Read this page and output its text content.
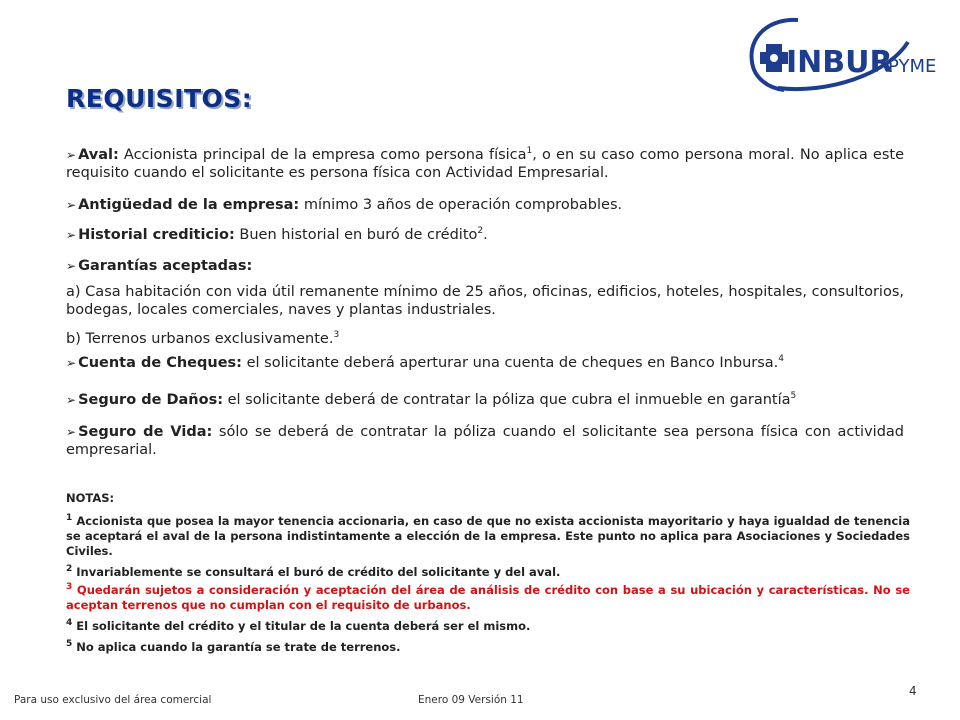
INBUR
PYME
REQUISITOS:
➢ Aval: Accionista principal de la empresa como persona física$^1$, o en su caso como persona moral. No aplica este requisito cuando el solicitante es persona física con Actividad Empresarial.
➢ Antigüedad de la empresa: mínimo 3 años de operación comprobables.
➢ Historial crediticio: Buen historial en buró de crédito$^2$.
➢ Garantías aceptadas:
a) Casa habitación con vida útil remanente mínimo de 25 años, oficinas, edificios, hoteles, hospitales, consultorios, bodegas, locales comerciales, naves y plantas industriales.
b) Terrenos urbanos exclusivamente.$^3$
➢ Cuenta de Cheques: el solicitante deberá aperturar una cuenta de cheques en Banco Inbursa.$^4$
➢ Seguro de Daños: el solicitante deberá de contratar la póliza que cubra el inmueble en garantía$^5$
➢ Seguro de Vida: sólo se deberá de contratar la póliza cuando el solicitante sea persona física con actividad empresarial.
NOTAS:
$^1$ Accionista que posea la mayor tenencia accionaria, en caso de que no exista accionista mayoritario y haya igualdad de tenencia se aceptará el aval de la persona indistintamente a elección de la empresa. Este punto no aplica para Asociaciones y Sociedades Civiles.
$^2$ Invariablemente se consultará el buró de crédito del solicitante y del aval.
$^3$ Quedarán sujetos a consideración y aceptación del área de análisis de crédito con base a su ubicación y características. No se aceptan terrenos que no cumplan con el requisito de urbanos.
$^4$ El solicitante del crédito y el titular de la cuenta deberá ser el mismo.
$^5$ No aplica cuando la garantía se trate de terrenos.
Para uso exclusivo del área comercial	Enero 09 Versión 11
4
